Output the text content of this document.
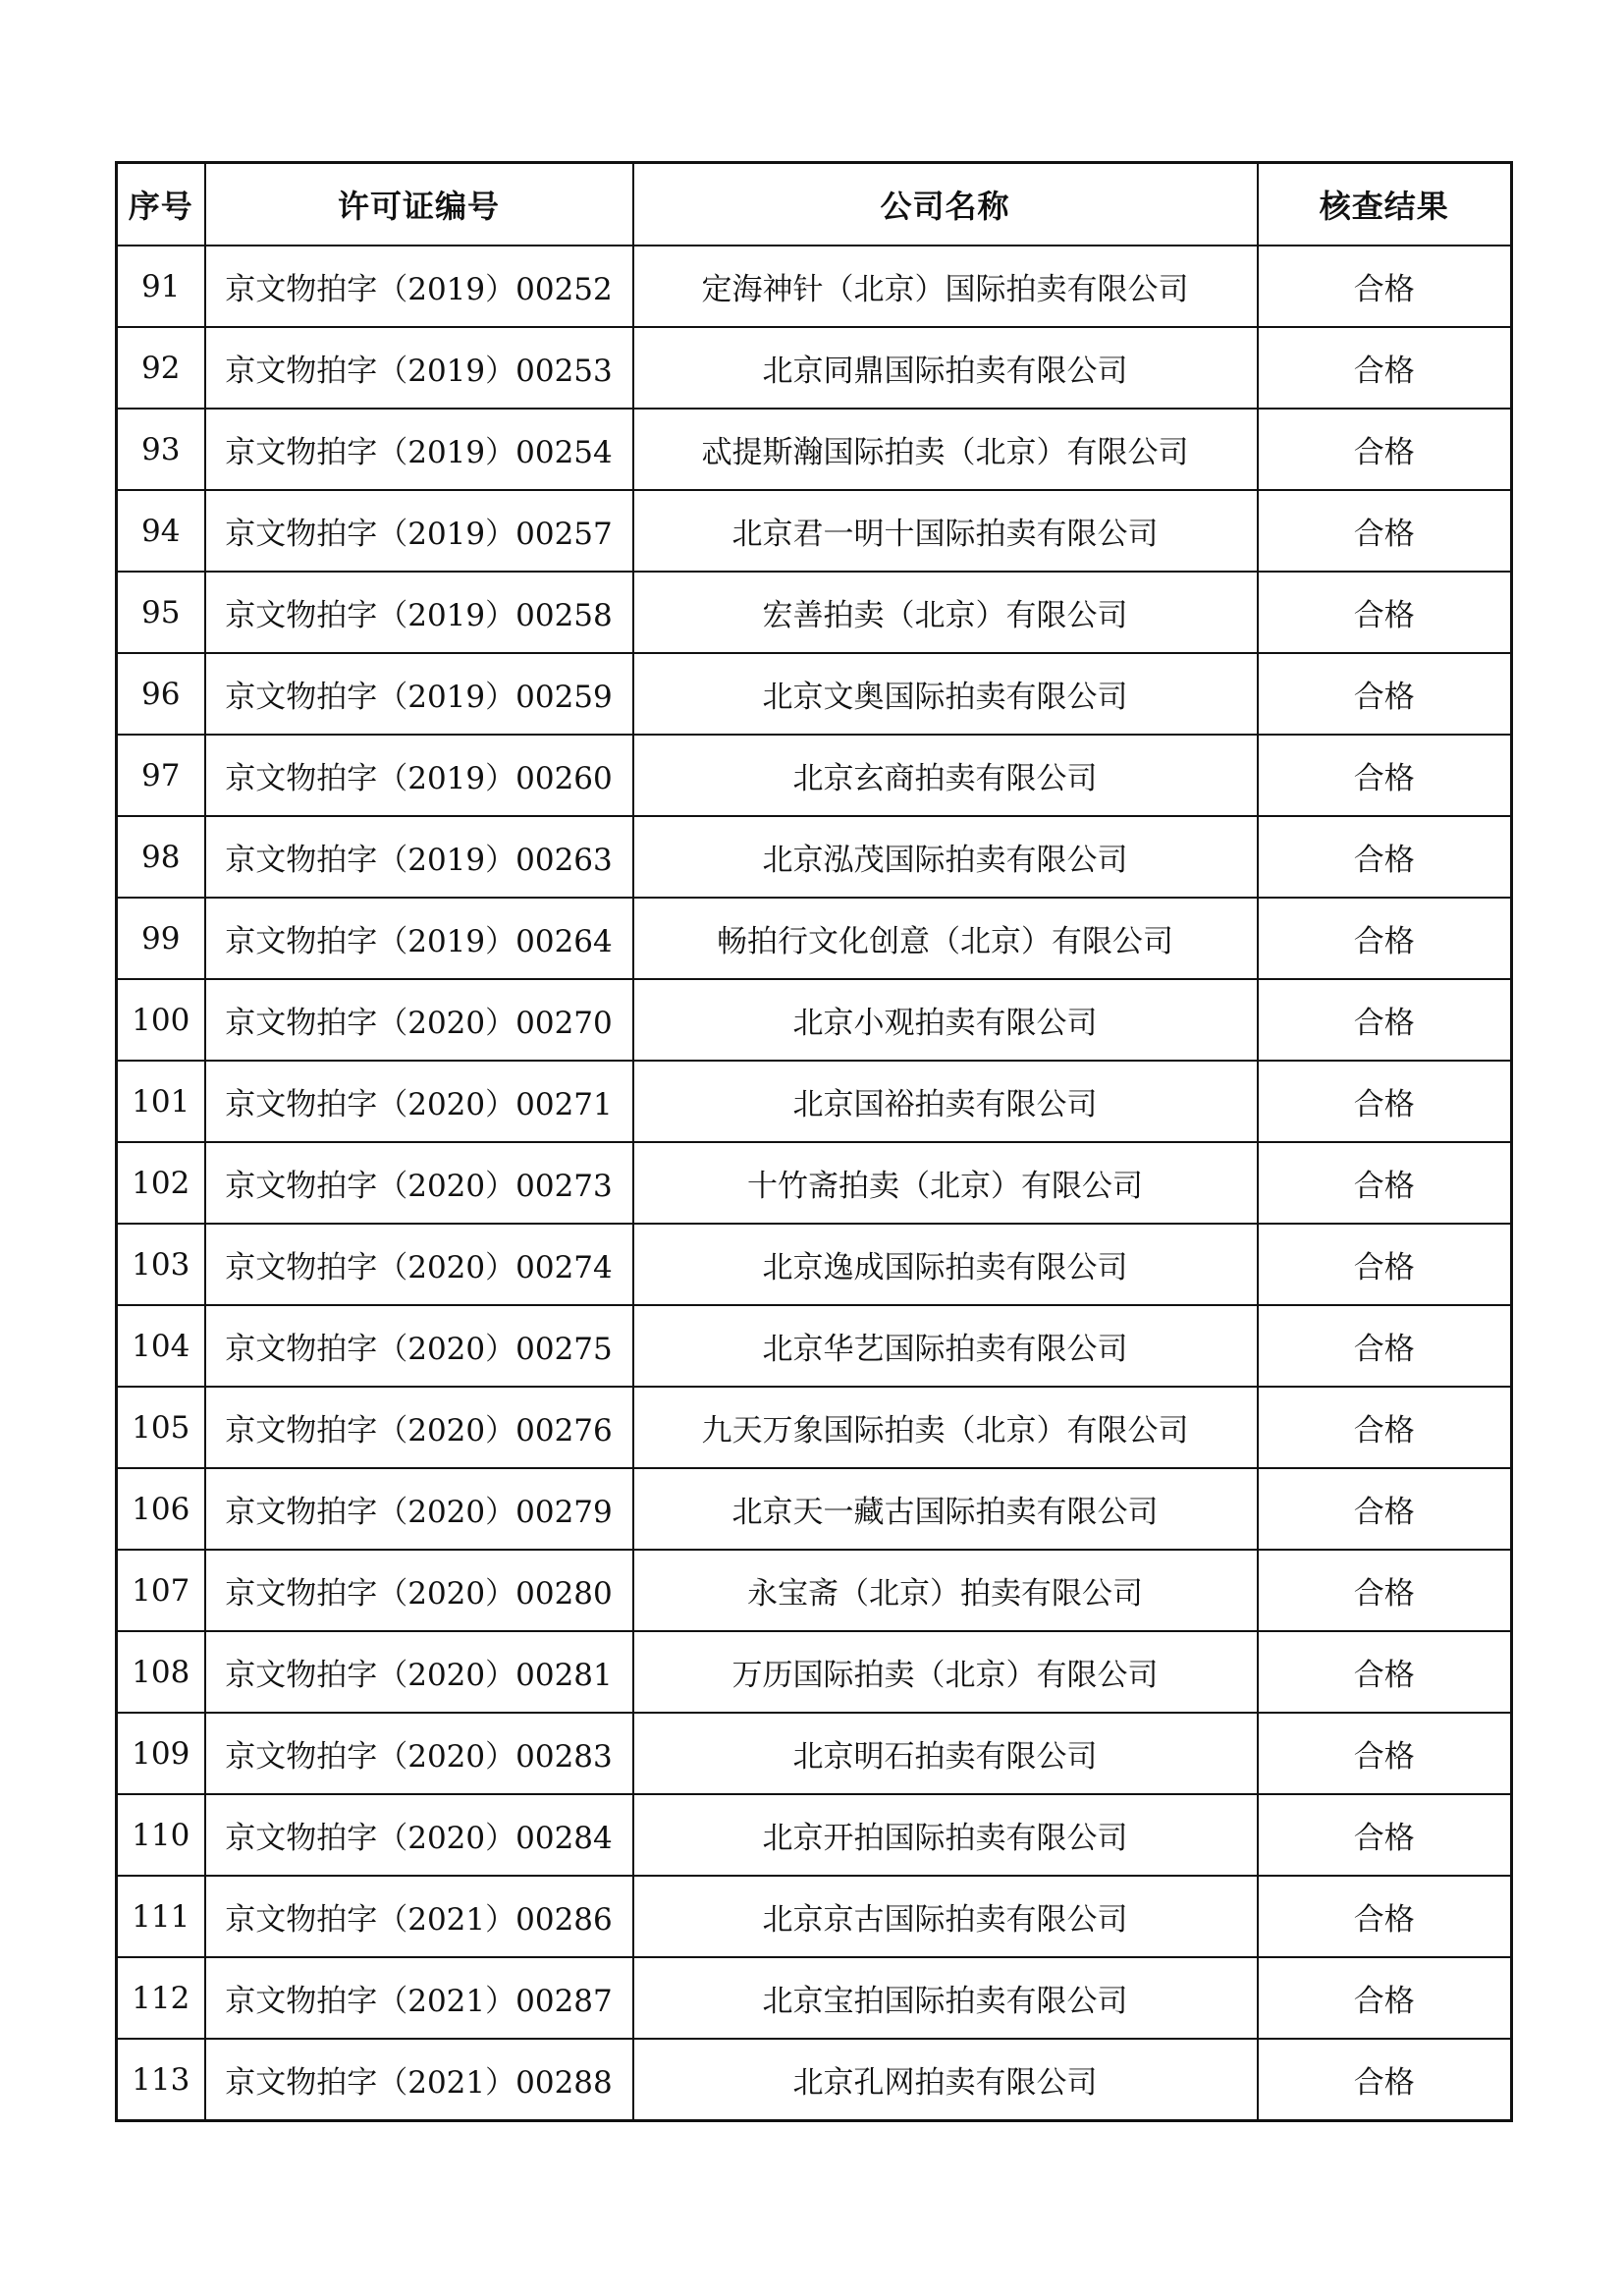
序号	许可证编号	公司名称	核查结果
91	京文物拍字（2019）00252	定海神针（北京）国际拍卖有限公司	合格
92	京文物拍字（2019）00253	北京同鼎国际拍卖有限公司	合格
93	京文物拍字（2019）00254	忒提斯瀚国际拍卖（北京）有限公司	合格
94	京文物拍字（2019）00257	北京君一明十国际拍卖有限公司	合格
95	京文物拍字（2019）00258	宏善拍卖（北京）有限公司	合格
96	京文物拍字（2019）00259	北京文奥国际拍卖有限公司	合格
97	京文物拍字（2019）00260	北京玄商拍卖有限公司	合格
98	京文物拍字（2019）00263	北京泓茂国际拍卖有限公司	合格
99	京文物拍字（2019）00264	畅拍行文化创意（北京）有限公司	合格
100	京文物拍字（2020）00270	北京小观拍卖有限公司	合格
101	京文物拍字（2020）00271	北京国裕拍卖有限公司	合格
102	京文物拍字（2020）00273	十竹斋拍卖（北京）有限公司	合格
103	京文物拍字（2020）00274	北京逸成国际拍卖有限公司	合格
104	京文物拍字（2020）00275	北京华艺国际拍卖有限公司	合格
105	京文物拍字（2020）00276	九天万象国际拍卖（北京）有限公司	合格
106	京文物拍字（2020）00279	北京天一藏古国际拍卖有限公司	合格
107	京文物拍字（2020）00280	永宝斋（北京）拍卖有限公司	合格
108	京文物拍字（2020）00281	万历国际拍卖（北京）有限公司	合格
109	京文物拍字（2020）00283	北京明石拍卖有限公司	合格
110	京文物拍字（2020）00284	北京开拍国际拍卖有限公司	合格
111	京文物拍字（2021）00286	北京京古国际拍卖有限公司	合格
112	京文物拍字（2021）00287	北京宝拍国际拍卖有限公司	合格
113	京文物拍字（2021）00288	北京孔网拍卖有限公司	合格
